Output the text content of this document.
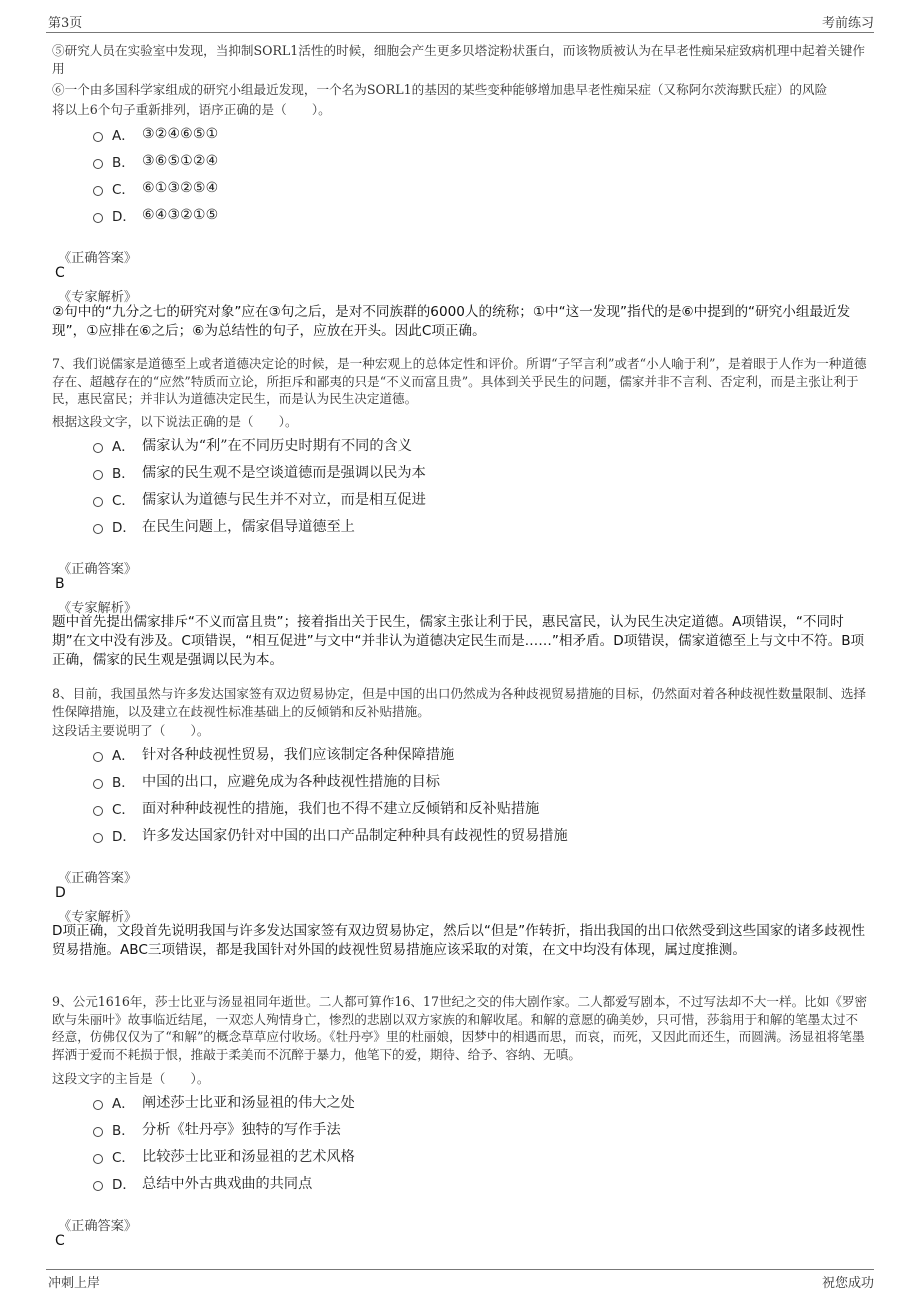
第3页	考前练习
⑤研究人员在实验室中发现，当抑制SORL1活性的时候，细胞会产生更多贝塔淀粉状蛋白，而该物质被认为在早老性痴呆症致病机理中起着关键作用
⑥一个由多国科学家组成的研究小组最近发现，一个名为SORL1的基因的某些变种能够增加患早老性痴呆症（又称阿尔茨海默氏症）的风险
将以上6个句子重新排列，语序正确的是（　　）。
A． ③②④⑥⑤①
B． ③⑥⑤①②④
C． ⑥①③②⑤④
D． ⑥④③②①⑤
《正确答案》
C
《专家解析》
②句中的“九分之七的研究对象”应在③句之后，是对不同族群的6000人的统称；①中“这一发现”指代的是⑥中提到的“研究小组最近发现”，①应排在⑥之后；⑥为总结性的句子，应放在开头。因此C项正确。
7、我们说儒家是道德至上或者道德决定论的时候，是一种宏观上的总体定性和评价。所谓“子罕言利”或者“小人喻于利”，是着眼于人作为一种道德存在、超越存在的“应然”特质而立论，所拒斥和鄙夷的只是“不义而富且贵”。具体到关乎民生的问题，儒家并非不言利、否定利，而是主张让利于民，惠民富民；并非认为道德决定民生，而是认为民生决定道德。
根据这段文字，以下说法正确的是（　　）。
A． 儒家认为“利”在不同历史时期有不同的含义
B． 儒家的民生观不是空谈道德而是强调以民为本
C． 儒家认为道德与民生并不对立，而是相互促进
D． 在民生问题上，儒家倡导道德至上
《正确答案》
B
《专家解析》
题中首先提出儒家排斥“不义而富且贵”；接着指出关于民生，儒家主张让利于民，惠民富民，认为民生决定道德。A项错误，“不同时期”在文中没有涉及。C项错误，“相互促进”与文中“并非认为道德决定民生而是……”相矛盾。D项错误，儒家道德至上与文中不符。B项正确，儒家的民生观是强调以民为本。
8、目前，我国虽然与许多发达国家签有双边贸易协定，但是中国的出口仍然成为各种歧视贸易措施的目标，仍然面对着各种歧视性数量限制、选择性保障措施，以及建立在歧视性标准基础上的反倾销和反补贴措施。
这段话主要说明了（　　）。
A． 针对各种歧视性贸易，我们应该制定各种保障措施
B． 中国的出口，应避免成为各种歧视性措施的目标
C． 面对种种歧视性的措施，我们也不得不建立反倾销和反补贴措施
D． 许多发达国家仍针对中国的出口产品制定种种具有歧视性的贸易措施
《正确答案》
D
《专家解析》
D项正确，文段首先说明我国与许多发达国家签有双边贸易协定，然后以“但是”作转折，指出我国的出口依然受到这些国家的诸多歧视性贸易措施。ABC三项错误，都是我国针对外国的歧视性贸易措施应该采取的对策，在文中均没有体现，属过度推测。
9、公元1616年，莎士比亚与汤显祖同年逝世。二人都可算作16、17世纪之交的伟大剧作家。二人都爱写剧本，不过写法却不大一样。比如《罗密欧与朱丽叶》故事临近结尾，一双恋人殉情身亡，惨烈的悲剧以双方家族的和解收尾。和解的意愿的确美妙，只可惜，莎翁用于和解的笔墨太过不经意，仿佛仅仅为了“和解”的概念草草应付收场。《牡丹亭》里的杜丽娘，因梦中的相遇而思，而哀，而死，又因此而还生，而圆满。汤显祖将笔墨挥洒于爱而不耗损于恨，推敲于柔美而不沉醉于暴力，他笔下的爱，期待、给予、容纳、无嗔。
这段文字的主旨是（　　）。
A． 阐述莎士比亚和汤显祖的伟大之处
B． 分析《牡丹亭》独特的写作手法
C． 比较莎士比亚和汤显祖的艺术风格
D． 总结中外古典戏曲的共同点
《正确答案》
C
冲刺上岸	祝您成功
